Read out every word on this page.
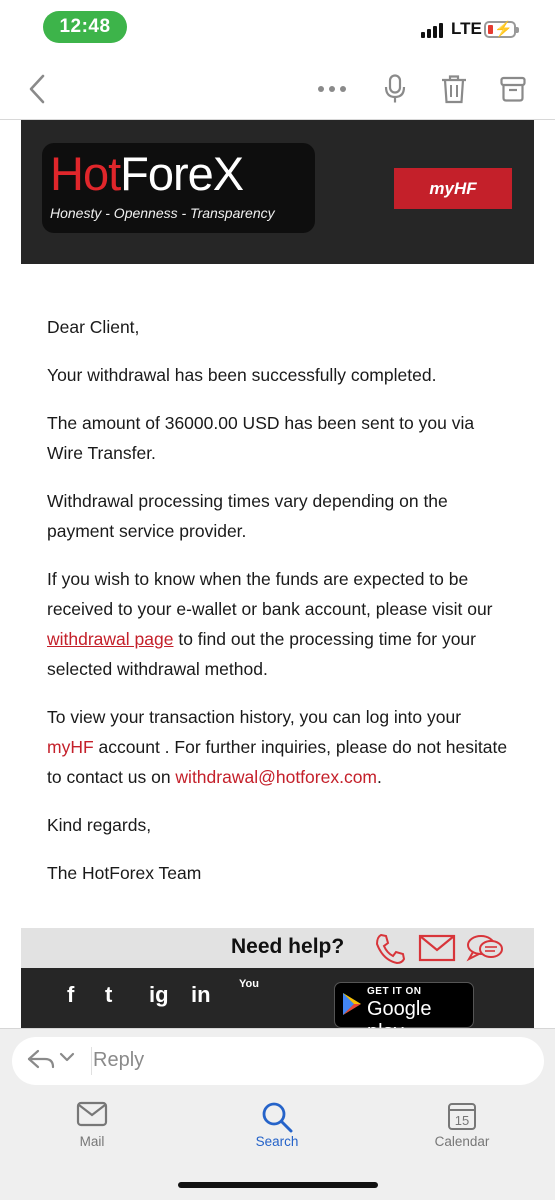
12:48	LTE ⚡
HotForeX
Honesty - Openness - Transparency
myHF

Dear Client,

Your withdrawal has been successfully completed.

The amount of 36000.00 USD has been sent to you via Wire Transfer.

Withdrawal processing times vary depending on the payment service provider.

If you wish to know when the funds are expected to be received to your e-wallet or bank account, please visit our withdrawal page to find out the processing time for your selected withdrawal method.

To view your transaction history, you can log into your myHF account . For further inquiries, please do not hesitate to contact us on withdrawal@hotforex.com.

Kind regards,

The HotForex Team

Need help?
f t ig in	You
GET IT ON
Google
Reply
Mail	Search
15
Calendar
